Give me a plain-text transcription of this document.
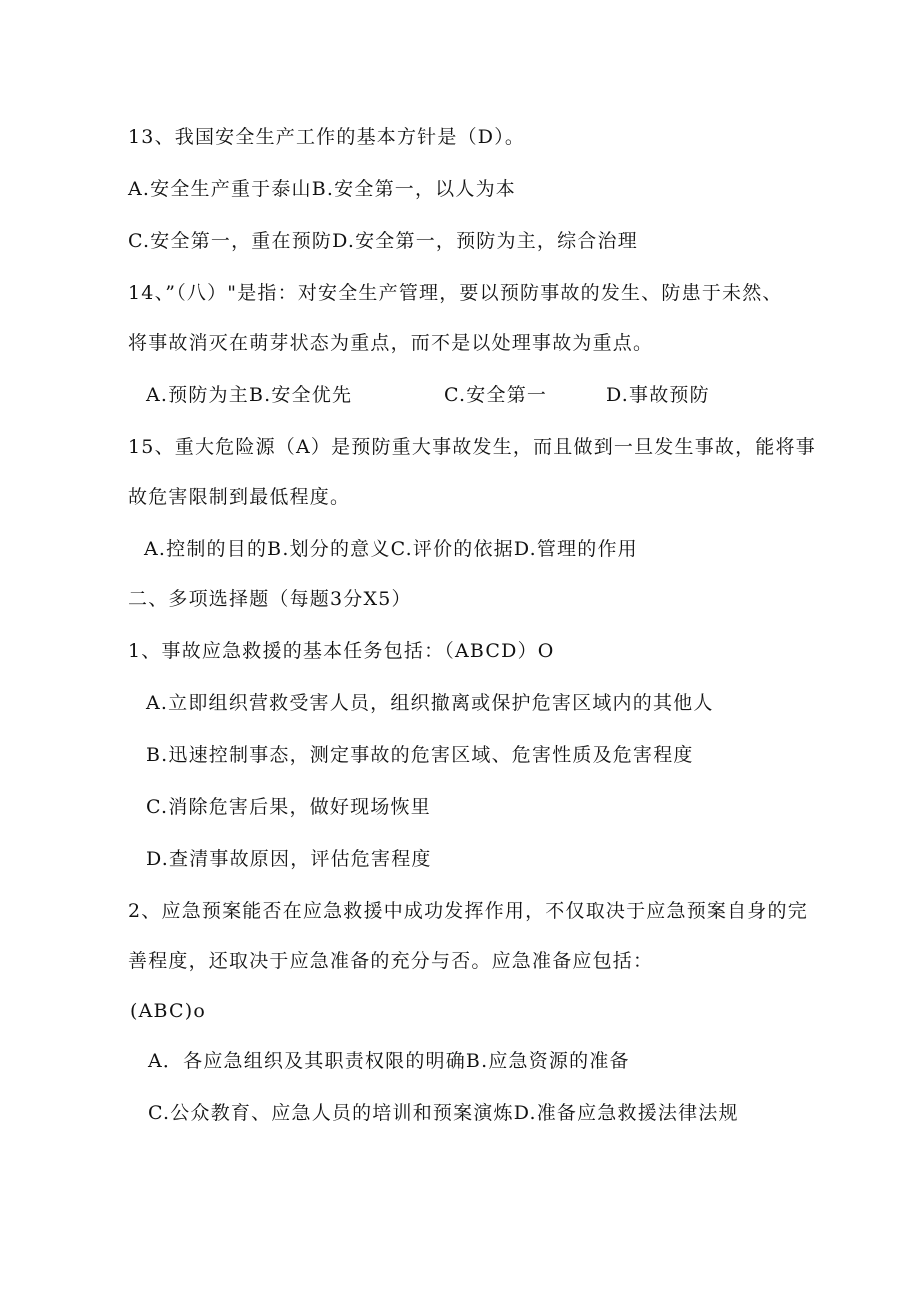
13、我国安全生产工作的基本方针是（D）。
A.安全生产重于泰山B.安全第一，以人为本
C.安全第一，重在预防D.安全第一，预防为主，综合治理
14、”（八）"是指：对安全生产管理，要以预防事故的发生、防患于未然、
将事故消灭在萌芽状态为重点，而不是以处理事故为重点。
A.预防为主B.安全优先	C.安全第一	D.事故预防
15、重大危险源（A）是预防重大事故发生，而且做到一旦发生事故，能将事
故危害限制到最低程度。
A.控制的目的B.划分的意义C.评价的依据D.管理的作用
二、多项选择题（每题3分X5）
1、事故应急救援的基本任务包括：（ABCD）O
A.立即组织营救受害人员，组织撤离或保护危害区域内的其他人
B.迅速控制事态，测定事故的危害区域、危害性质及危害程度
C.消除危害后果，做好现场恢里
D.查清事故原因，评估危害程度
2、应急预案能否在应急救援中成功发挥作用，不仅取决于应急预案自身的完
善程度，还取决于应急准备的充分与否。应急准备应包括：
(ABC)o
A．各应急组织及其职责权限的明确B.应急资源的准备
C.公众教育、应急人员的培训和预案演炼D.准备应急救援法律法规
